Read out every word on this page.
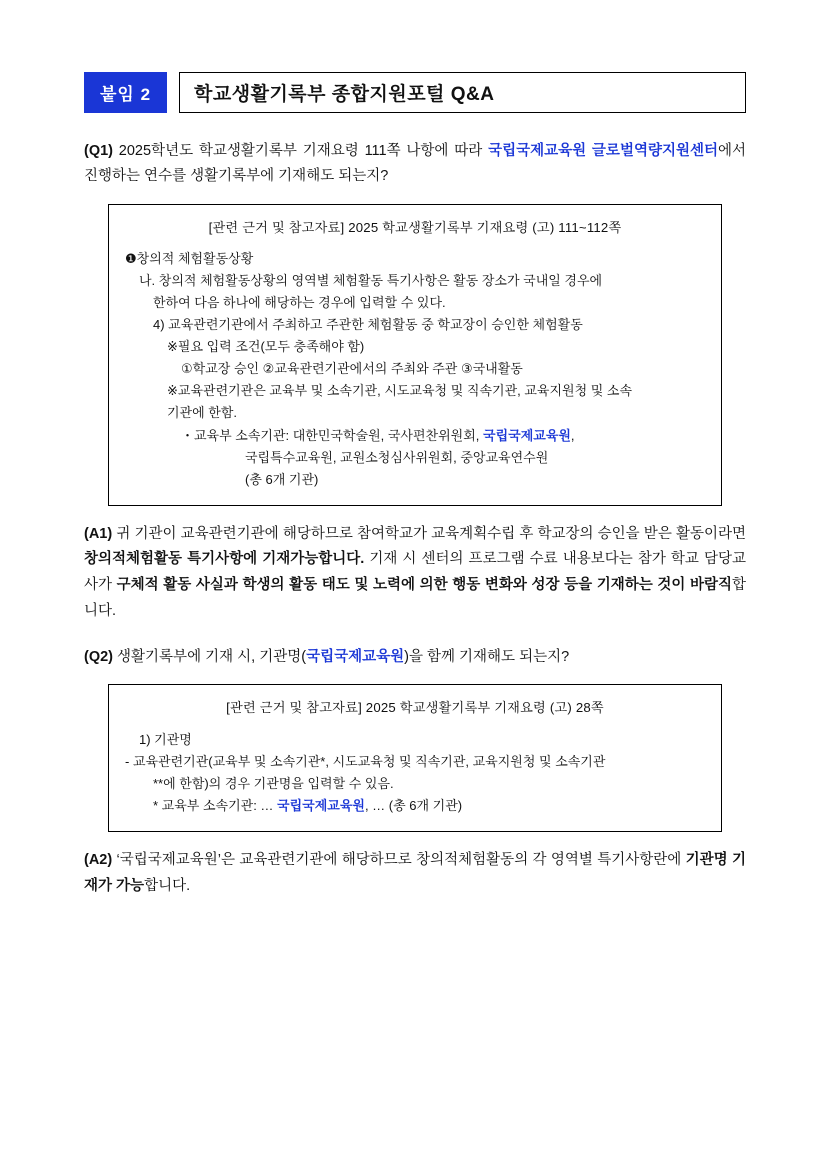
붙임 2	학교생활기록부 종합지원포털 Q&A
(Q1) 2025학년도 학교생활기록부 기재요령 111쪽 나항에 따라 국립국제교육원 글로벌역량지원센터에서 진행하는 연수를 생활기록부에 기재해도 되는지?
[관련 근거 및 참고자료] 2025 학교생활기록부 기재요령 (고) 111~112쪽
❶창의적 체험활동상황
나. 창의적 체험활동상황의 영역별 체험활동 특기사항은 활동 장소가 국내일 경우에
한하여 다음 하나에 해당하는 경우에 입력할 수 있다.
4) 교육관련기관에서 주최하고 주관한 체험활동 중 학교장이 승인한 체험활동
※필요 입력 조건(모두 충족해야 함)
①학교장 승인 ②교육관련기관에서의 주최와 주관 ③국내활동
※교육관련기관은 교육부 및 소속기관, 시도교육청 및 직속기관, 교육지원청 및 소속
기관에 한함.
・교육부 소속기관: 대한민국학술원, 국사편찬위원회, 국립국제교육원,
국립특수교육원, 교원소청심사위원회, 중앙교육연수원
(총 6개 기관)
(A1) 귀 기관이 교육관련기관에 해당하므로 참여학교가 교육계획수립 후 학교장의 승인을 받은 활동이라면 창의적체험활동 특기사항에 기재가능합니다. 기재 시 센터의 프로그램 수료 내용보다는 참가 학교 담당교사가 구체적 활동 사실과 학생의 활동 태도 및 노력에 의한 행동 변화와 성장 등을 기재하는 것이 바람직합니다.
(Q2) 생활기록부에 기재 시, 기관명(국립국제교육원)을 함께 기재해도 되는지?
[관련 근거 및 참고자료] 2025 학교생활기록부 기재요령 (고) 28쪽
1) 기관명
- 교육관련기관(교육부 및 소속기관*, 시도교육청 및 직속기관, 교육지원청 및 소속기관
**에 한함)의 경우 기관명을 입력할 수 있음.
* 교육부 소속기관: … 국립국제교육원, … (총 6개 기관)
(A2) ‘국립국제교육원’은 교육관련기관에 해당하므로 창의적체험활동의 각 영역별 특기사항란에 기관명 기재가 가능합니다.
